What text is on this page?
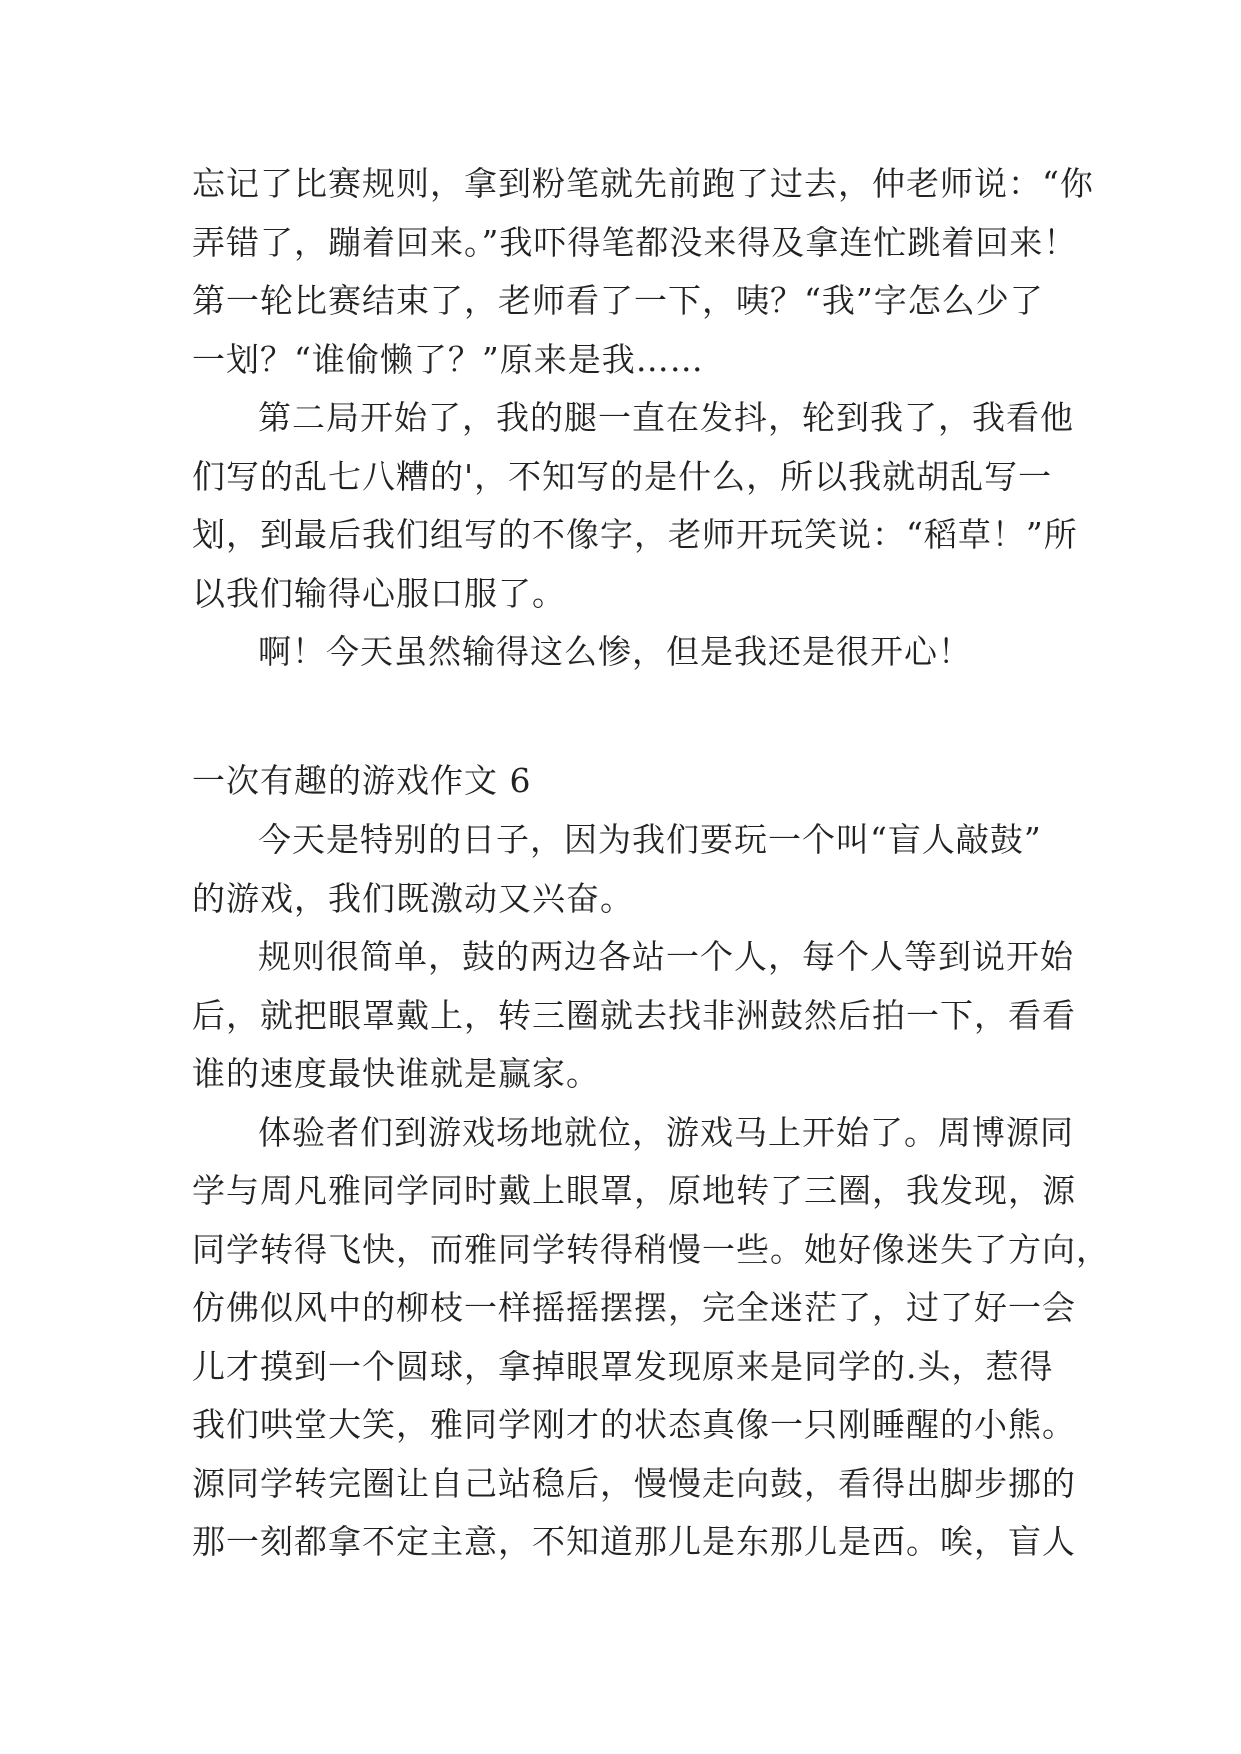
忘记了比赛规则，拿到粉笔就先前跑了过去，仲老师说：“你
弄错了，蹦着回来。”我吓得笔都没来得及拿连忙跳着回来！
第一轮比赛结束了，老师看了一下，咦？“我”字怎么少了
一划？“谁偷懒了？”原来是我……
第二局开始了，我的腿一直在发抖，轮到我了，我看他
们写的乱七八糟的'，不知写的是什么，所以我就胡乱写一
划，到最后我们组写的不像字，老师开玩笑说：“稻草！”所
以我们输得心服口服了。
啊！今天虽然输得这么惨，但是我还是很开心！
一次有趣的游戏作文 6
今天是特别的日子，因为我们要玩一个叫“盲人敲鼓”
的游戏，我们既激动又兴奋。
规则很简单，鼓的两边各站一个人，每个人等到说开始
后，就把眼罩戴上，转三圈就去找非洲鼓然后拍一下，看看
谁的速度最快谁就是赢家。
体验者们到游戏场地就位，游戏马上开始了。周博源同
学与周凡雅同学同时戴上眼罩，原地转了三圈，我发现，源
同学转得飞快，而雅同学转得稍慢一些。她好像迷失了方向，
仿佛似风中的柳枝一样摇摇摆摆，完全迷茫了，过了好一会
儿才摸到一个圆球，拿掉眼罩发现原来是同学的.头，惹得
我们哄堂大笑，雅同学刚才的状态真像一只刚睡醒的小熊。
源同学转完圈让自己站稳后，慢慢走向鼓，看得出脚步挪的
那一刻都拿不定主意，不知道那儿是东那儿是西。唉，盲人
